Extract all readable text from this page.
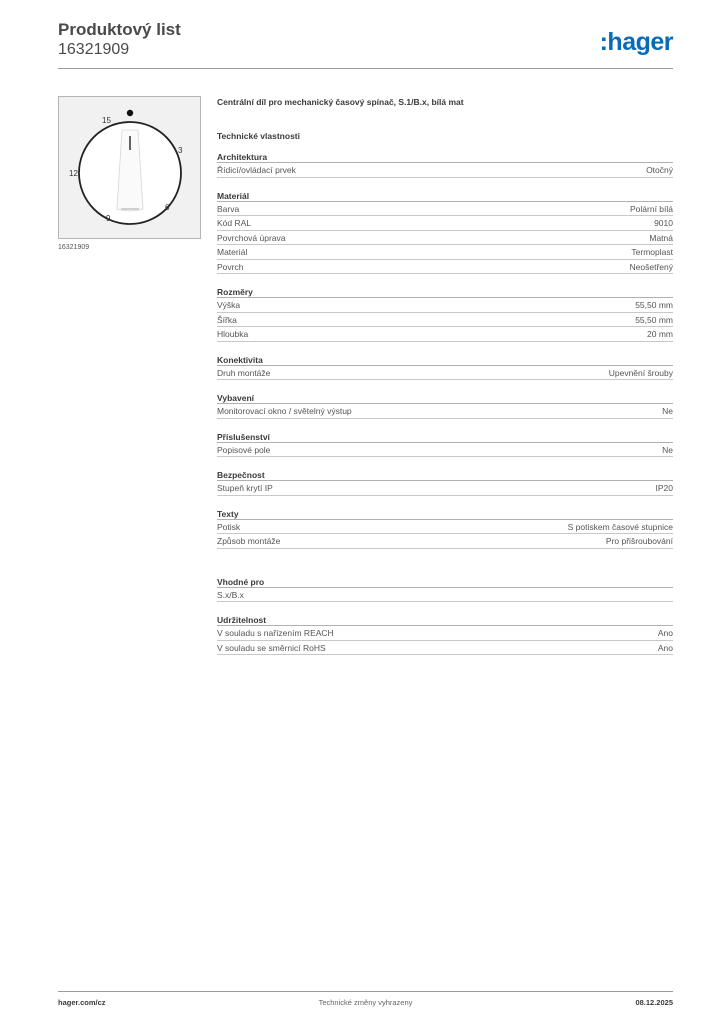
Produktový list
16321909	:hager
15
3
12
6
9
16321909
Centrální díl pro mechanický časový spínač, S.1/B.x, bílá mat
Technické vlastnosti
Architektura
Řídicí/ovládací prvek	Otočný
Materiál
Barva	Polární bílá
Kód RAL	9010
Povrchová úprava	Matná
Materiál	Termoplast
Povrch	Neošetřený
Rozměry
Výška	55,50 mm
Šířka	55,50 mm
Hloubka	20 mm
Konektivita
Druh montáže	Upevnění šrouby
Vybavení
Monitorovací okno / světelný výstup	Ne
Příslušenství
Popisové pole	Ne
Bezpečnost
Stupeň krytí IP	IP20
Texty
Potisk	S potiskem časové stupnice
Způsob montáže	Pro přišroubování
Vhodné pro
S.x/B.x
Udržitelnost
V souladu s nařízením REACH	Ano
V souladu se směrnicí RoHS	Ano
hager.com/cz	Technické změny vyhrazeny	08.12.2025
